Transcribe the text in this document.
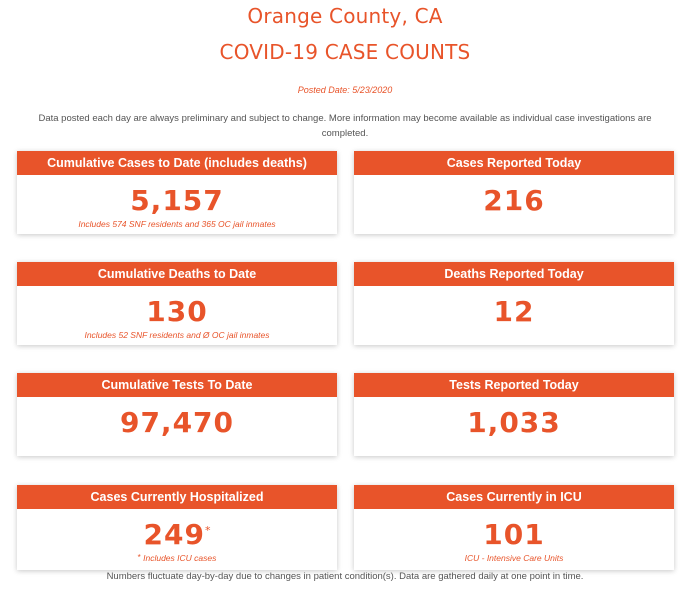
Orange County, CA
COVID-19 CASE COUNTS
Posted Date: 5/23/2020
Data posted each day are always preliminary and subject to change. More information may become available as individual case investigations are completed.
Cumulative Cases to Date (includes deaths)
5,157
Includes 574 SNF residents and 365 OC jail inmates
Cases Reported Today
216
Cumulative Deaths to Date
130
Includes 52 SNF residents and Ø OC jail inmates
Deaths Reported Today
12
Cumulative Tests To Date
97,470
Tests Reported Today
1,033
Cases Currently Hospitalized
249*
* Includes ICU cases
Cases Currently in ICU
101
ICU - Intensive Care Units
Numbers fluctuate day-by-day due to changes in patient condition(s). Data are gathered daily at one point in time.
